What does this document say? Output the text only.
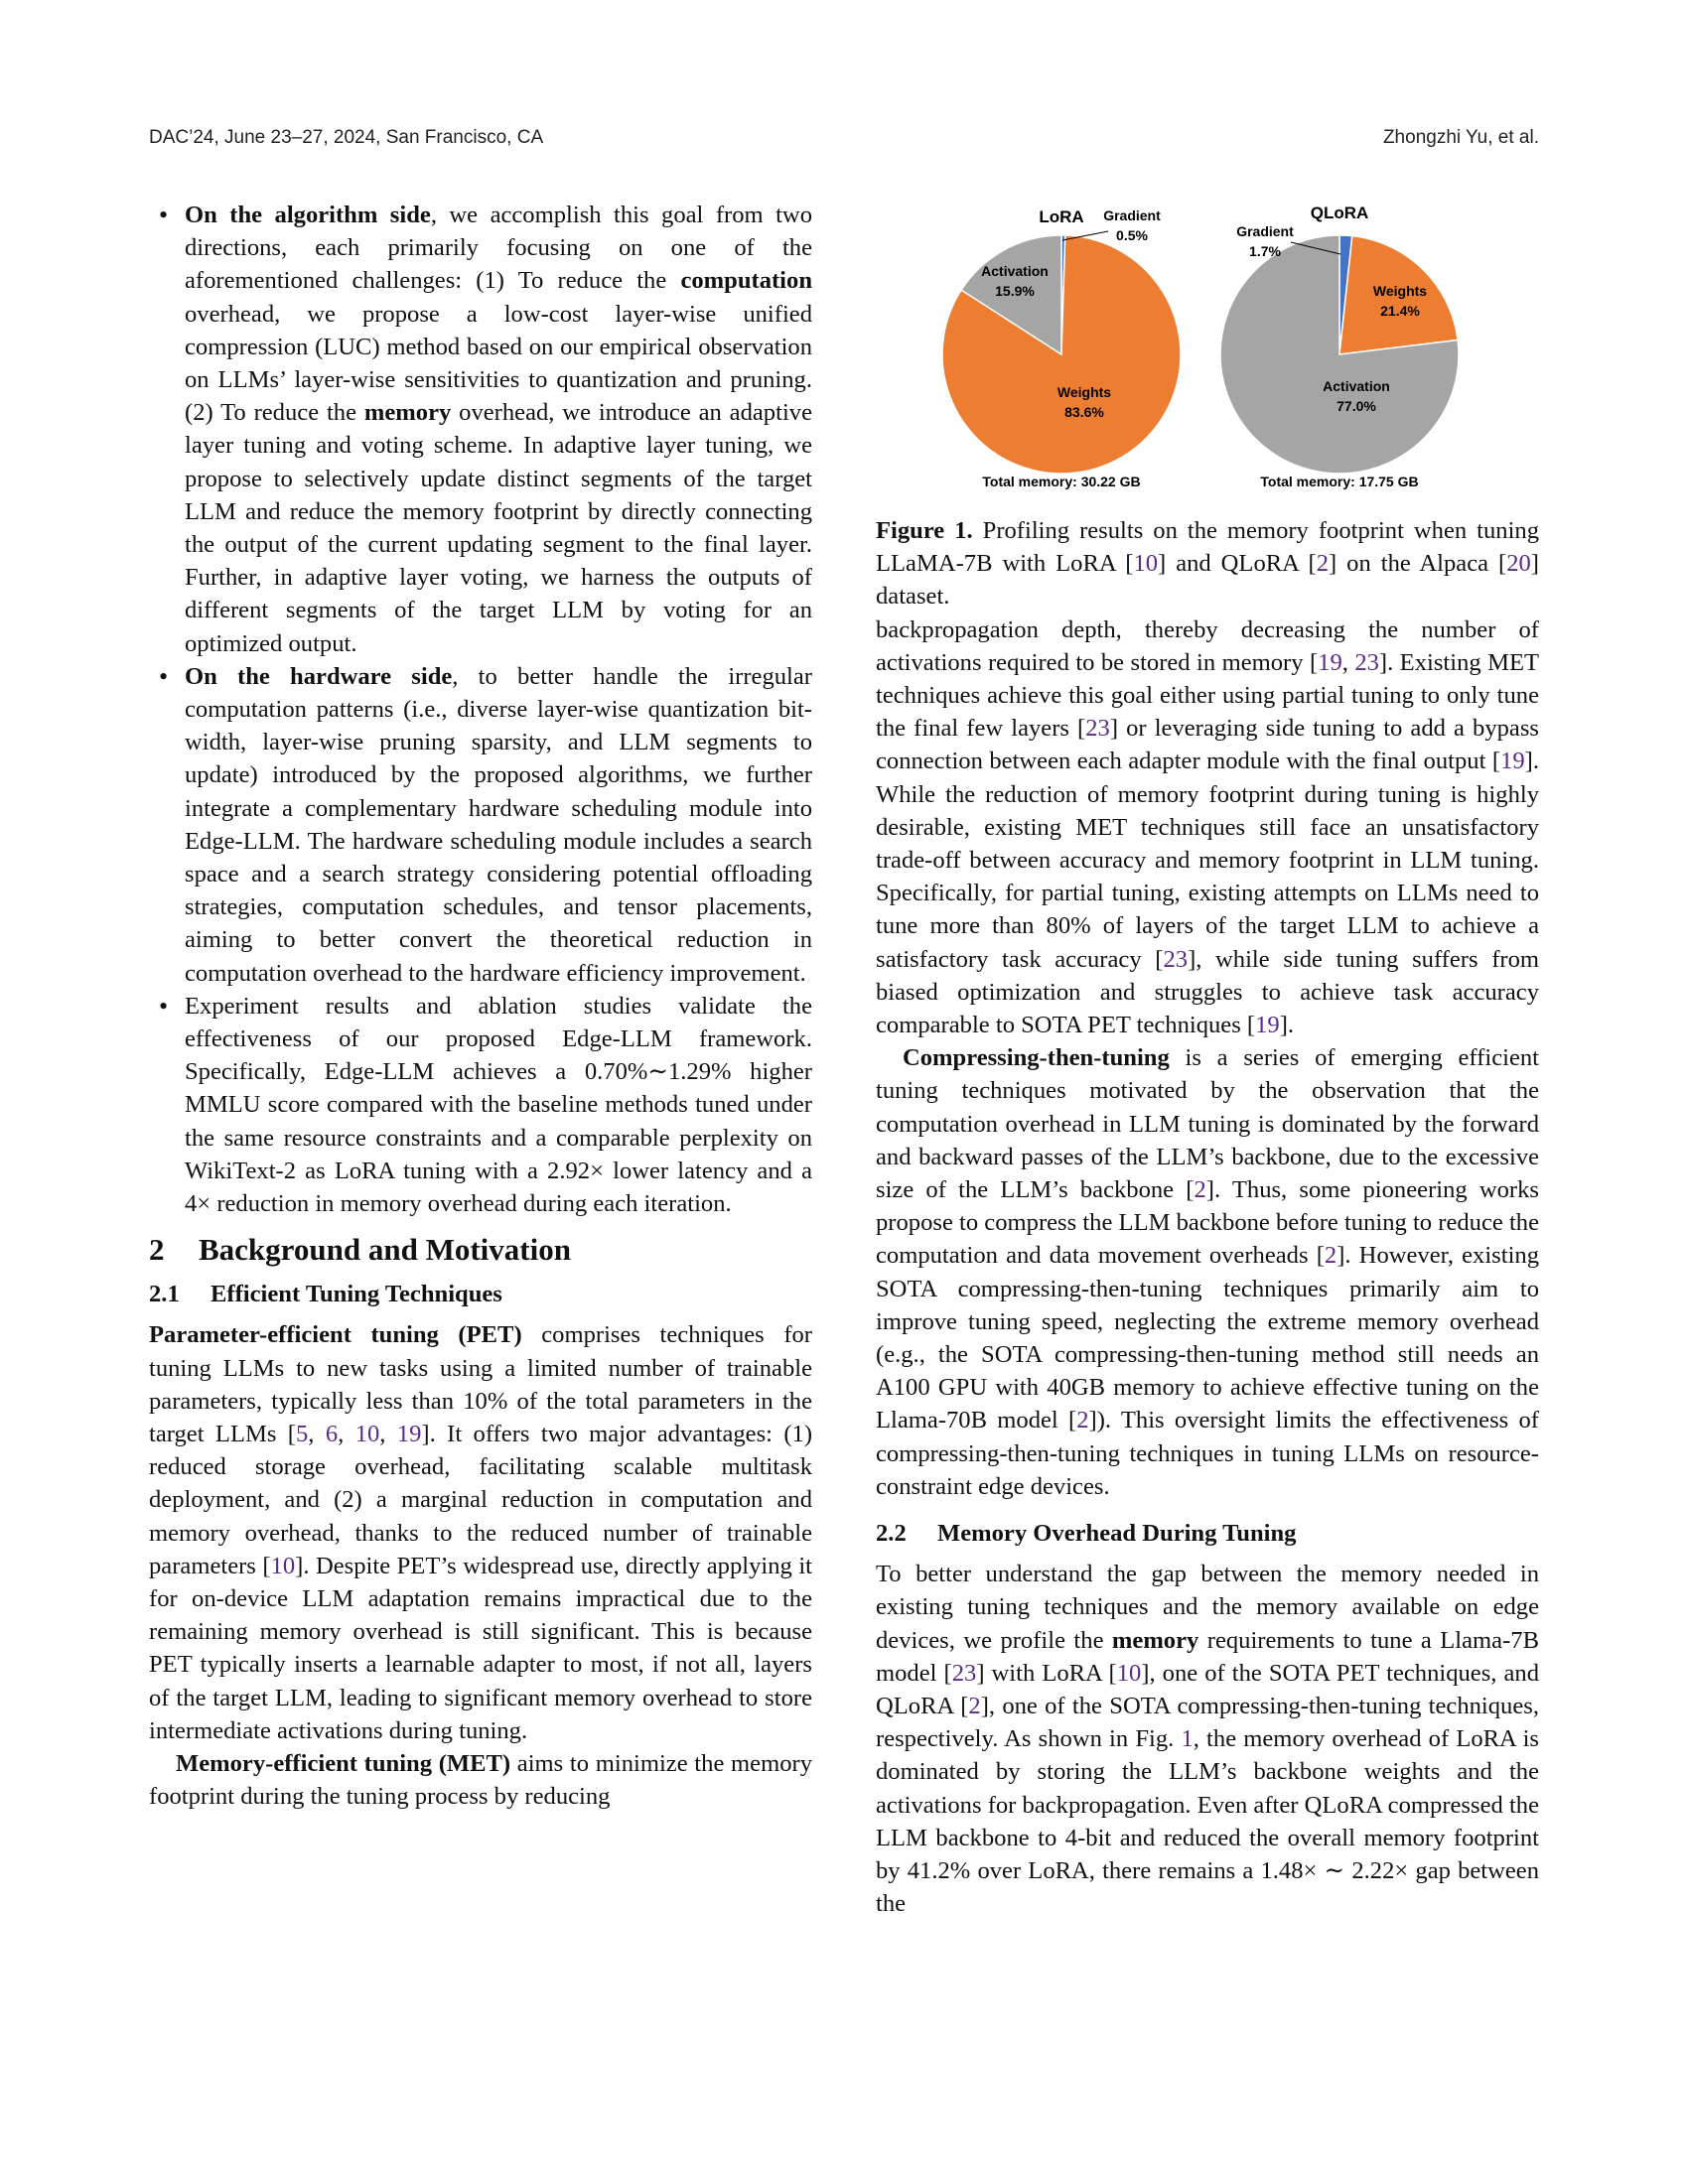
DAC’24, June 23–27, 2024, San Francisco, CA	Zhongzhi Yu, et al.
• On the algorithm side, we accomplish this goal from two directions, each primarily focusing on one of the aforementioned challenges: (1) To reduce the computation overhead, we propose a low-cost layer-wise unified compression (LUC) method based on our empirical observation on LLMs’ layer-wise sensitivities to quantization and pruning. (2) To reduce the memory overhead, we introduce an adaptive layer tuning and voting scheme. In adaptive layer tuning, we propose to selectively update distinct segments of the target LLM and reduce the memory footprint by directly connecting the output of the current updating segment to the final layer. Further, in adaptive layer voting, we harness the outputs of different segments of the target LLM by voting for an optimized output.
• On the hardware side, to better handle the irregular computation patterns (i.e., diverse layer-wise quantization bit-width, layer-wise pruning sparsity, and LLM segments to update) introduced by the proposed algorithms, we further integrate a complementary hardware scheduling module into Edge-LLM. The hardware scheduling module includes a search space and a search strategy considering potential offloading strategies, computation schedules, and tensor placements, aiming to better convert the theoretical reduction in computation overhead to the hardware efficiency improvement.
• Experiment results and ablation studies validate the effectiveness of our proposed Edge-LLM framework. Specifically, Edge-LLM achieves a 0.70%∼1.29% higher MMLU score compared with the baseline methods tuned under the same resource constraints and a comparable perplexity on WikiText-2 as LoRA tuning with a 2.92× lower latency and a 4× reduction in memory overhead during each iteration.
2 Background and Motivation
2.1 Efficient Tuning Techniques

Parameter-efficient tuning (PET) comprises techniques for tuning LLMs to new tasks using a limited number of trainable parameters, typically less than 10% of the total parameters in the target LLMs [5, 6, 10, 19]. It offers two major advantages: (1) reduced storage overhead, facilitating scalable multitask deployment, and (2) a marginal reduction in computation and memory overhead, thanks to the reduced number of trainable parameters [10]. Despite PET’s widespread use, directly applying it for on-device LLM adaptation remains impractical due to the remaining memory overhead is still significant. This is because PET typically inserts a learnable adapter to most, if not all, layers of the target LLM, leading to significant memory overhead to store intermediate activations during tuning.

Memory-efficient tuning (MET) aims to minimize the memory footprint during the tuning process by reducing

LoRA Gradient
0.5%
Activation
15.9%
Weights
83.6%
Total memory: 30.22 GB
QLoRA
Gradient
1.7%
Weights
21.4%
Activation
77.0%
Total memory: 17.75 GB

Figure 1. Profiling results on the memory footprint when tuning LLaMA-7B with LoRA [10] and QLoRA [2] on the Alpaca [20] dataset.

backpropagation depth, thereby decreasing the number of activations required to be stored in memory [19, 23]. Existing MET techniques achieve this goal either using partial tuning to only tune the final few layers [23] or leveraging side tuning to add a bypass connection between each adapter module with the final output [19]. While the reduction of memory footprint during tuning is highly desirable, existing MET techniques still face an unsatisfactory trade-off between accuracy and memory footprint in LLM tuning. Specifically, for partial tuning, existing attempts on LLMs need to tune more than 80% of layers of the target LLM to achieve a satisfactory task accuracy [23], while side tuning suffers from biased optimization and struggles to achieve task accuracy comparable to SOTA PET techniques [19].

Compressing-then-tuning is a series of emerging efficient tuning techniques motivated by the observation that the computation overhead in LLM tuning is dominated by the forward and backward passes of the LLM’s backbone, due to the excessive size of the LLM’s backbone [2]. Thus, some pioneering works propose to compress the LLM backbone before tuning to reduce the computation and data movement overheads [2]. However, existing SOTA compressing-then-tuning techniques primarily aim to improve tuning speed, neglecting the extreme memory overhead (e.g., the SOTA compressing-then-tuning method still needs an A100 GPU with 40GB memory to achieve effective tuning on the Llama-70B model [2]). This oversight limits the effectiveness of compressing-then-tuning techniques in tuning LLMs on resource-constraint edge devices.

2.2 Memory Overhead During Tuning

To better understand the gap between the memory needed in existing tuning techniques and the memory available on edge devices, we profile the memory requirements to tune a Llama-7B model [23] with LoRA [10], one of the SOTA PET techniques, and QLoRA [2], one of the SOTA compressing-then-tuning techniques, respectively. As shown in Fig. 1, the memory overhead of LoRA is dominated by storing the LLM’s backbone weights and the activations for backpropagation. Even after QLoRA compressed the LLM backbone to 4-bit and reduced the overall memory footprint by 41.2% over LoRA, there remains a 1.48× ∼ 2.22× gap between the
